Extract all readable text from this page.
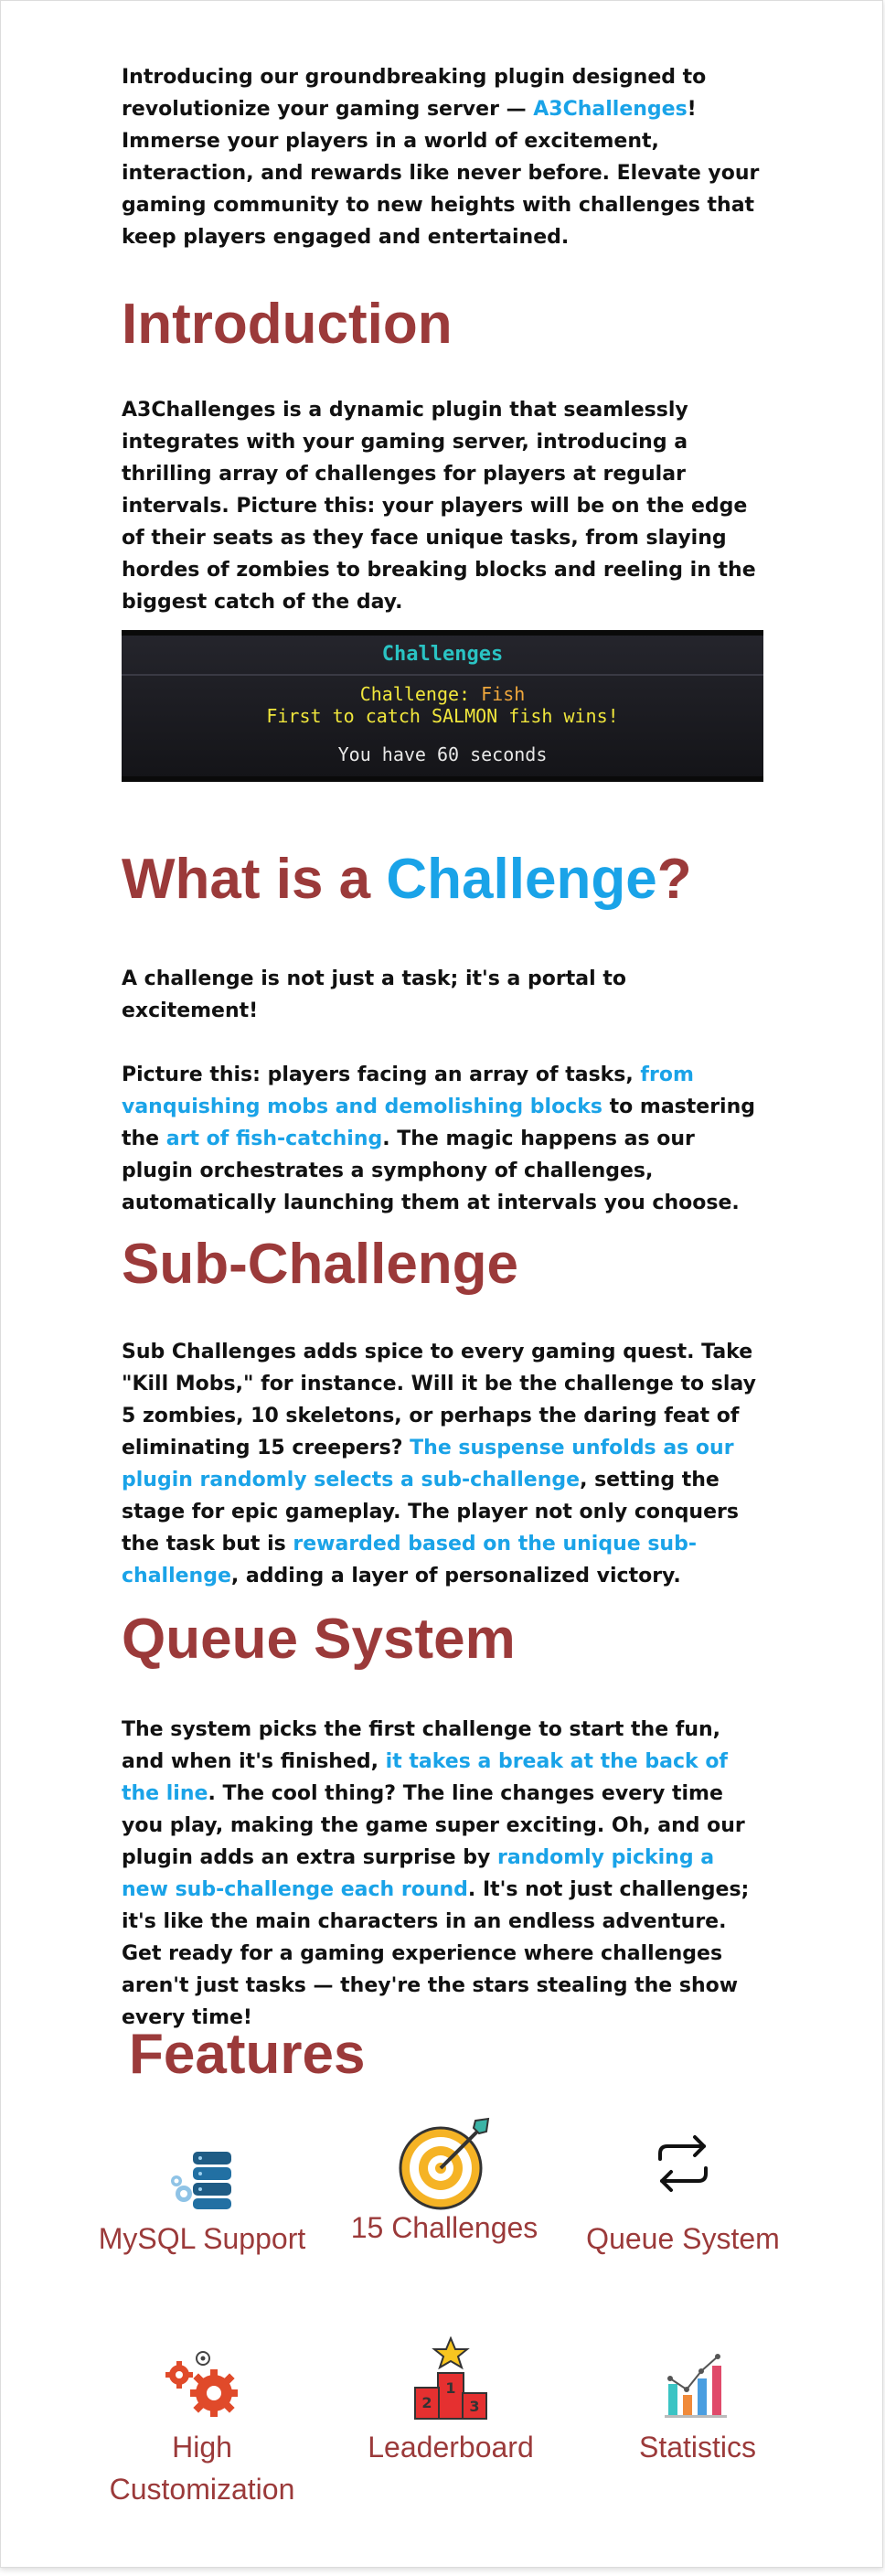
Introducing our groundbreaking plugin designed to revolutionize your gaming server — A3Challenges!
Immerse your players in a world of excitement, interaction, and rewards like never before. Elevate your gaming community to new heights with challenges that keep players engaged and entertained.

Introduction

A3Challenges is a dynamic plugin that seamlessly integrates with your gaming server, introducing a thrilling array of challenges for players at regular intervals. Picture this: your players will be on the edge of their seats as they face unique tasks, from slaying hordes of zombies to breaking blocks and reeling in the biggest catch of the day.

Challenges
Challenge: Fish
First to catch SALMON fish wins!
You have 60 seconds
What is a Challenge?

A challenge is not just a task; it's a portal to excitement!

Picture this: players facing an array of tasks, from vanquishing mobs and demolishing blocks to mastering the art of fish-catching. The magic happens as our plugin orchestrates a symphony of challenges, automatically launching them at intervals you choose.

Sub-Challenge

Sub Challenges adds spice to every gaming quest. Take "Kill Mobs," for instance. Will it be the challenge to slay 5 zombies, 10 skeletons, or perhaps the daring feat of eliminating 15 creepers? The suspense unfolds as our plugin randomly selects a sub-challenge, setting the stage for epic gameplay. The player not only conquers the task but is rewarded based on the unique sub-challenge, adding a layer of personalized victory.

Queue System

The system picks the first challenge to start the fun, and when it's finished, it takes a break at the back of the line. The cool thing? The line changes every time you play, making the game super exciting. Oh, and our plugin adds an extra surprise by randomly picking a new sub-challenge each round. It's not just challenges; it's like the main characters in an endless adventure. Get ready for a gaming experience where challenges aren't just tasks — they're the stars stealing the show every time!

Features
MySQL Support	15 Challenges	Queue System
High Customization
1
2	3
Leaderboard	Statistics
